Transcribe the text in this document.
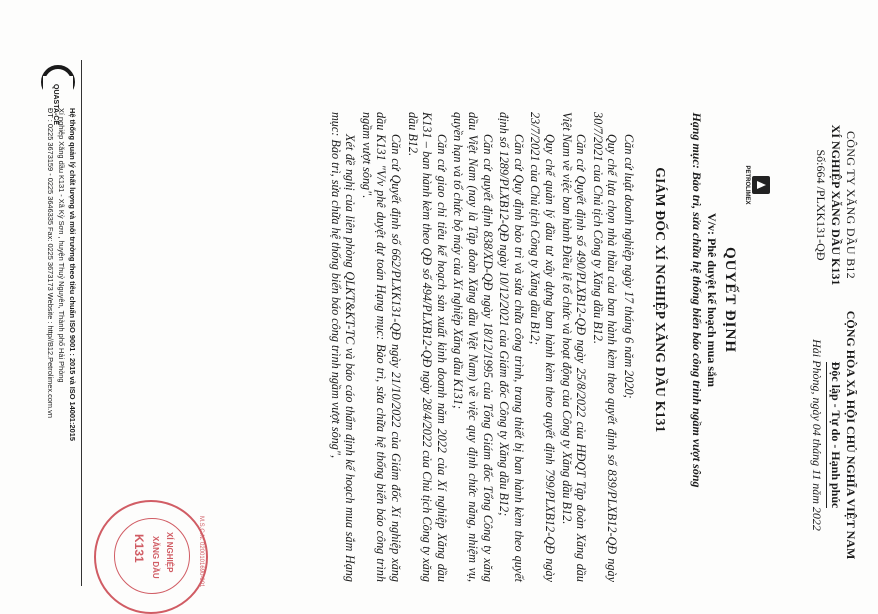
CÔNG TY XĂNG DẦU B12
XÍ NGHIỆP XĂNG DẦU K131
Số:664 /PLXK131-QĐ
CỘNG HÒA XÃ HỘI CHỦ NGHĨA VIỆT NAM
Độc lập - Tự do - Hạnh phúc
Hải Phòng, ngày 04 tháng 11 năm 2022
PETROLIMEX
QUYẾT ĐỊNH
V/v: Phê duyệt kế hoạch mua sắm
Hạng mục: Bảo trì, sửa chữa hệ thống biển báo công trình ngầm vượt sông
GIÁM ĐỐC XÍ NGHIỆP XĂNG DẦU K131

Căn cứ luật doanh nghiệp ngày 17 tháng 6 năm 2020;

Quy chế lựa chọn nhà thầu của ban hành kèm theo quyết định số 839/PLXB12-QĐ ngày 30/7/2021 của Chủ tịch Công ty Xăng dầu B12.

Căn cứ Quyết định số 490/PLXB12-QĐ ngày 25/8/2022 của HĐQT Tập đoàn Xăng dầu Việt Nam về việc ban hành Điều lệ tổ chức và hoạt động của Công ty Xăng dầu B12.

Quy chế quản lý đầu tư xây dựng ban hành kèm theo quyết định 799/PLXB12-QĐ ngày 23/7/2021 của Chủ tịch Công ty Xăng dầu B12;

Căn cứ Quy định bảo trì và sửa chữa công trình, trang thiết bị ban hành kèm theo quyết định số 1289/PLXB12-QĐ ngày 10/12/2021 của Giám đốc Công ty Xăng dầu B12;

Căn cứ quyết định 838/XD-QĐ ngày 18/12/1995 của Tổng Giám đốc Tổng Công ty xăng dầu Việt Nam (nay là Tập đoàn Xăng dầu Việt Nam) về việc quy định chức năng, nhiệm vụ, quyền hạn và tổ chức bộ máy của Xí nghiệp Xăng dầu K131;

Căn cứ giao chỉ tiêu kế hoạch sản xuất kinh doanh năm 2022 của Xí nghiệp Xăng dầu K131 – ban hành kèm theo QĐ số 494/PLXB12-QĐ ngày 28/4/2022 của Chủ tịch Công ty xăng dầu B12.

Căn cứ Quyết định số 662/PLXK131-QĐ ngày 21/10/2022 của Giám đốc Xí nghiệp xăng dầu K131 "V/v phê duyệt dự toán Hạng mục: Bảo trì, sửa chữa hệ thống biển báo công trình ngầm vượt sông".

Xét đề nghị của liên phòng QLKT&KT-TC và báo cáo thẩm định kế hoạch mua sắm Hạng mục: Bảo trì, sửa chữa hệ thống biển báo công trình ngầm vượt sông",

M.S.C.N: 0200101690-001
XÍ NGHIỆP
XĂNG DẦU
K131
QUASTA-CE
Hệ thống quản lý chất lượng và môi trường theo tiêu chuẩn ISO 9001 : 2015 và ISO 14001:2015
Xí nghiệp Xăng dầu K131 - Xã Kỳ Sơn , huyện Thuỷ Nguyên, Thành phố Hải Phòng
ĐT : 0225 3673159 - 0225 3646335 Fax: 0225 3673173 Website : http//B12.Petrolimex.com.vn
